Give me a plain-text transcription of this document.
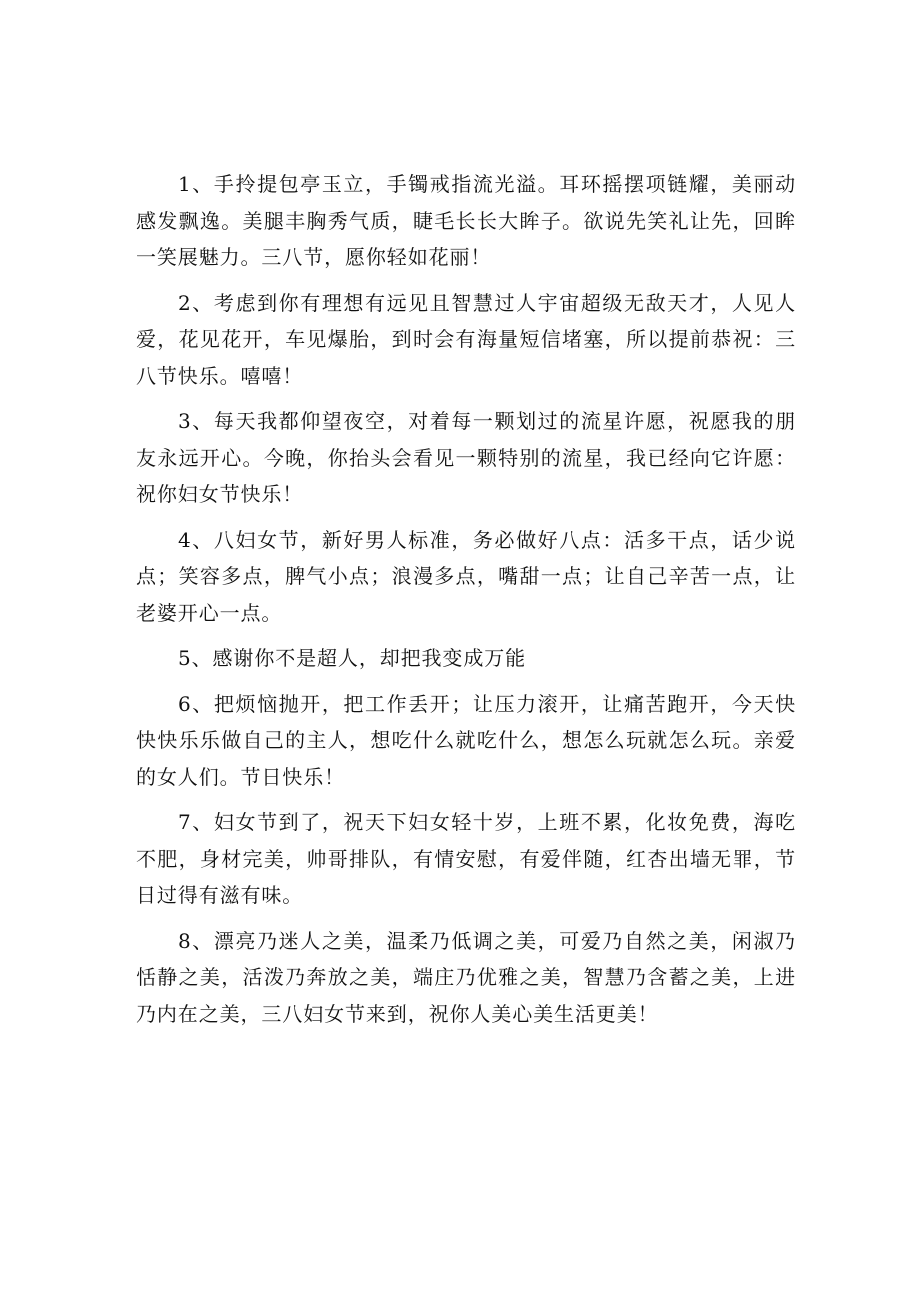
1、手拎提包亭玉立，手镯戒指流光溢。耳环摇摆项链耀，美丽动感发飘逸。美腿丰胸秀气质，睫毛长长大眸子。欲说先笑礼让先，回眸一笑展魅力。三八节，愿你轻如花丽！

2、考虑到你有理想有远见且智慧过人宇宙超级无敌天才，人见人爱，花见花开，车见爆胎，到时会有海量短信堵塞，所以提前恭祝：三八节快乐。嘻嘻！

3、每天我都仰望夜空，对着每一颗划过的流星许愿，祝愿我的朋友永远开心。今晚，你抬头会看见一颗特别的流星，我已经向它许愿：祝你妇女节快乐！

4、八妇女节，新好男人标准，务必做好八点：活多干点，话少说点；笑容多点，脾气小点；浪漫多点，嘴甜一点；让自己辛苦一点，让老婆开心一点。

5、感谢你不是超人，却把我变成万能

6、把烦恼抛开，把工作丢开；让压力滚开，让痛苦跑开，今天快快快乐乐做自己的主人，想吃什么就吃什么，想怎么玩就怎么玩。亲爱的女人们。节日快乐！

7、妇女节到了，祝天下妇女轻十岁，上班不累，化妆免费，海吃不肥，身材完美，帅哥排队，有情安慰，有爱伴随，红杏出墙无罪，节日过得有滋有味。

8、漂亮乃迷人之美，温柔乃低调之美，可爱乃自然之美，闲淑乃恬静之美，活泼乃奔放之美，端庄乃优雅之美，智慧乃含蓄之美，上进乃内在之美，三八妇女节来到，祝你人美心美生活更美！
